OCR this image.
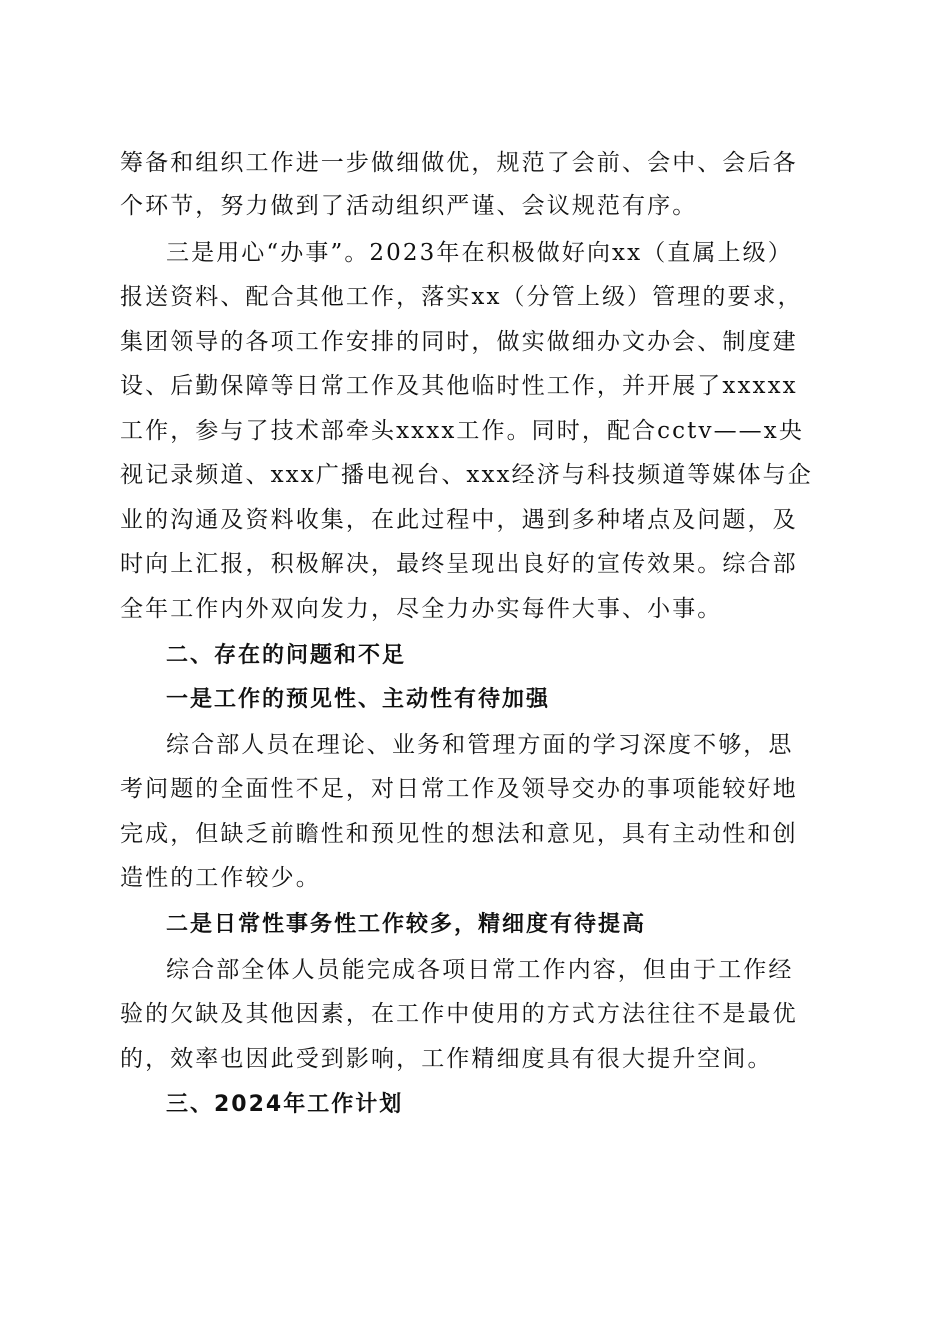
筹备和组织工作进一步做细做优，规范了会前、会中、会后各

个环节，努力做到了活动组织严谨、会议规范有序。

三是用心“办事”。2023年在积极做好向xx（直属上级）

报送资料、配合其他工作，落实xx（分管上级）管理的要求，

集团领导的各项工作安排的同时，做实做细办文办会、制度建

设、后勤保障等日常工作及其他临时性工作，并开展了xxxxx

工作，参与了技术部牵头xxxx工作。同时，配合cctv——x央

视记录频道、xxx广播电视台、xxx经济与科技频道等媒体与企

业的沟通及资料收集，在此过程中，遇到多种堵点及问题，及

时向上汇报，积极解决，最终呈现出良好的宣传效果。综合部

全年工作内外双向发力，尽全力办实每件大事、小事。

二、存在的问题和不足

一是工作的预见性、主动性有待加强

综合部人员在理论、业务和管理方面的学习深度不够，思

考问题的全面性不足，对日常工作及领导交办的事项能较好地

完成，但缺乏前瞻性和预见性的想法和意见，具有主动性和创

造性的工作较少。

二是日常性事务性工作较多，精细度有待提高

综合部全体人员能完成各项日常工作内容，但由于工作经

验的欠缺及其他因素，在工作中使用的方式方法往往不是最优

的，效率也因此受到影响，工作精细度具有很大提升空间。

三、2024年工作计划
